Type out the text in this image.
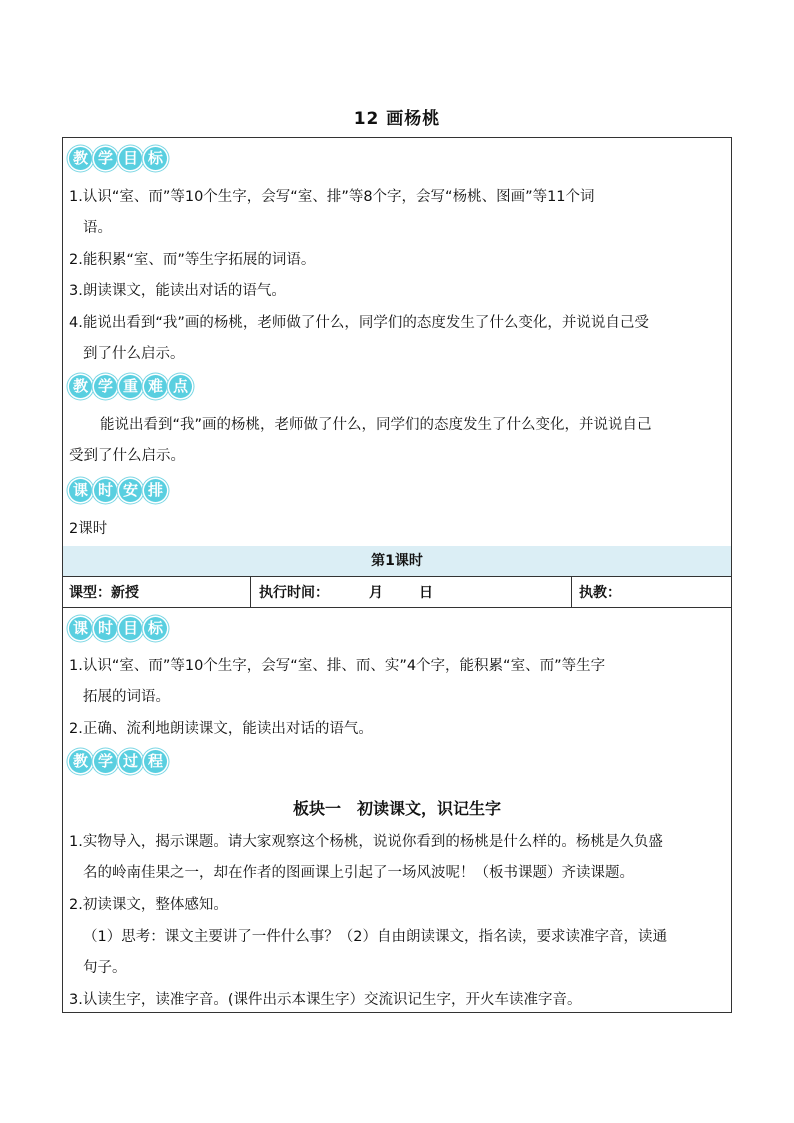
12 画杨桃
教 学 目 标
1.认识“室、而”等10个生字，会写“室、排”等8个字，会写“杨桃、图画”等11个词
语。
2.能积累“室、而”等生字拓展的词语。
3.朗读课文，能读出对话的语气。
4.能说出看到“我”画的杨桃，老师做了什么，同学们的态度发生了什么变化，并说说自己受
到了什么启示。
教 学 重 难 点
能说出看到“我”画的杨桃，老师做了什么，同学们的态度发生了什么变化，并说说自己
受到了什么启示。
课 时 安 排
2课时
第1课时
课型：新授	执行时间：	月	日	执教：
课 时 目 标
1.认识“室、而”等10个生字，会写“室、排、而、实”4个字，能积累“室、而”等生字
拓展的词语。
2.正确、流利地朗读课文，能读出对话的语气。
教 学 过 程
板块一　初读课文，识记生字
1.实物导入，揭示课题。请大家观察这个杨桃，说说你看到的杨桃是什么样的。杨桃是久负盛
名的岭南佳果之一，却在作者的图画课上引起了一场风波呢！（板书课题）齐读课题。
2.初读课文，整体感知。
（1）思考：课文主要讲了一件什么事？（2）自由朗读课文，指名读，要求读准字音，读通
句子。
3.认读生字，读准字音。(课件出示本课生字）交流识记生字，开火车读准字音。
